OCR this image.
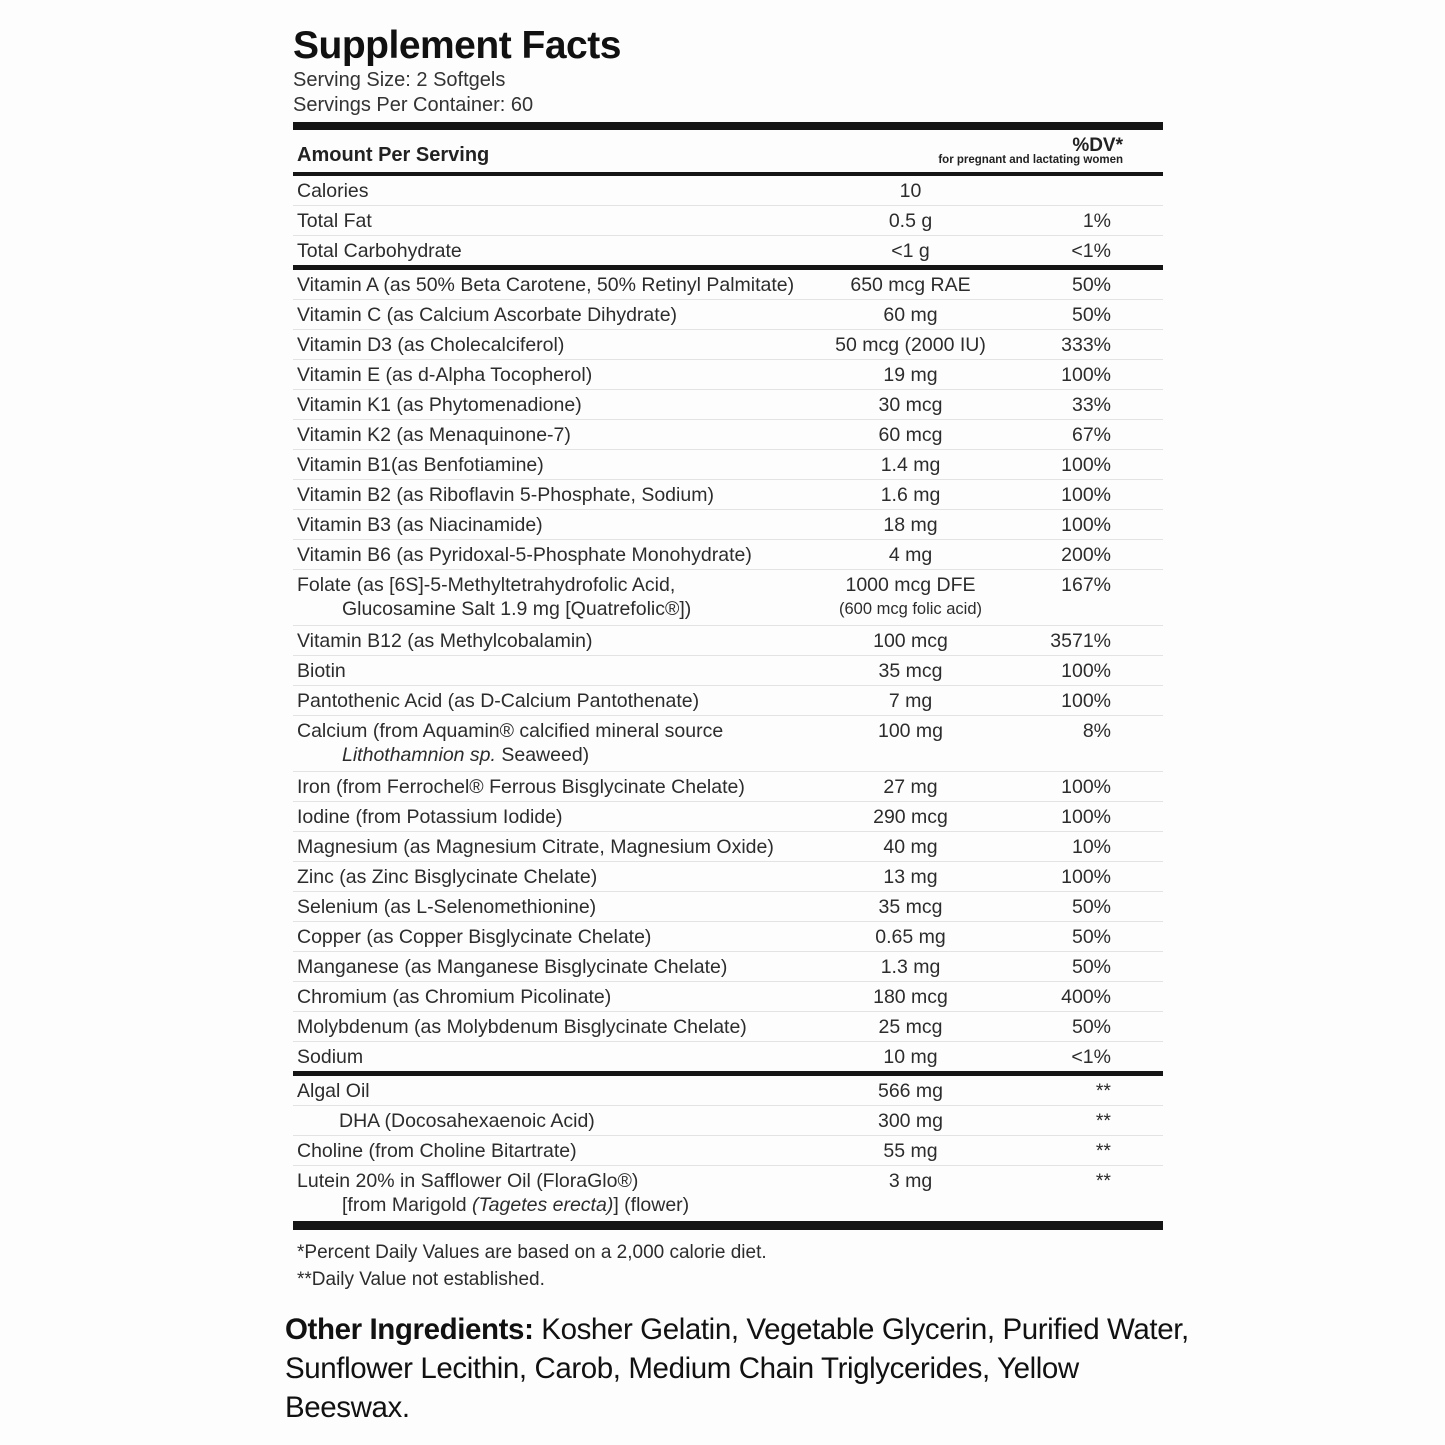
Supplement Facts
Serving Size: 2 Softgels
Servings Per Container: 60
Amount Per Serving	%DV*
for pregnant and lactating women
Calories	10
Total Fat	0.5 g	1%
Total Carbohydrate	<1 g	<1%
Vitamin A (as 50% Beta Carotene, 50% Retinyl Palmitate)	650 mcg RAE	50%
Vitamin C (as Calcium Ascorbate Dihydrate)	60 mg	50%
Vitamin D3 (as Cholecalciferol)	50 mcg (2000 IU)	333%
Vitamin E (as d-Alpha Tocopherol)	19 mg	100%
Vitamin K1 (as Phytomenadione)	30 mcg	33%
Vitamin K2 (as Menaquinone-7)	60 mcg	67%
Vitamin B1(as Benfotiamine)	1.4 mg	100%
Vitamin B2 (as Riboflavin 5-Phosphate, Sodium)	1.6 mg	100%
Vitamin B3 (as Niacinamide)	18 mg	100%
Vitamin B6 (as Pyridoxal-5-Phosphate Monohydrate)	4 mg	200%
Folate (as [6S]-5-Methyltetrahydrofolic Acid,	1000 mcg DFE	167%
Glucosamine Salt 1.9 mg [Quatrefolic®])	(600 mcg folic acid)
Vitamin B12 (as Methylcobalamin)	100 mcg	3571%
Biotin	35 mcg	100%
Pantothenic Acid (as D-Calcium Pantothenate)	7 mg	100%
Calcium (from Aquamin® calcified mineral source	100 mg	8%
Lithothamnion sp. Seaweed)
Iron (from Ferrochel® Ferrous Bisglycinate Chelate)	27 mg	100%
Iodine (from Potassium Iodide)	290 mcg	100%
Magnesium (as Magnesium Citrate, Magnesium Oxide)	40 mg	10%
Zinc (as Zinc Bisglycinate Chelate)	13 mg	100%
Selenium (as L-Selenomethionine)	35 mcg	50%
Copper (as Copper Bisglycinate Chelate)	0.65 mg	50%
Manganese (as Manganese Bisglycinate Chelate)	1.3 mg	50%
Chromium (as Chromium Picolinate)	180 mcg	400%
Molybdenum (as Molybdenum Bisglycinate Chelate)	25 mcg	50%
Sodium	10 mg	<1%
Algal Oil	566 mg	**
DHA (Docosahexaenoic Acid)	300 mg	**
Choline (from Choline Bitartrate)	55 mg	**
Lutein 20% in Safflower Oil (FloraGlo®)	3 mg	**
[from Marigold (Tagetes erecta)] (flower)
*Percent Daily Values are based on a 2,000 calorie diet.
**Daily Value not established.
Other Ingredients: Kosher Gelatin, Vegetable Glycerin, Purified Water, Sunflower Lecithin, Carob, Medium Chain Triglycerides, Yellow Beeswax.
